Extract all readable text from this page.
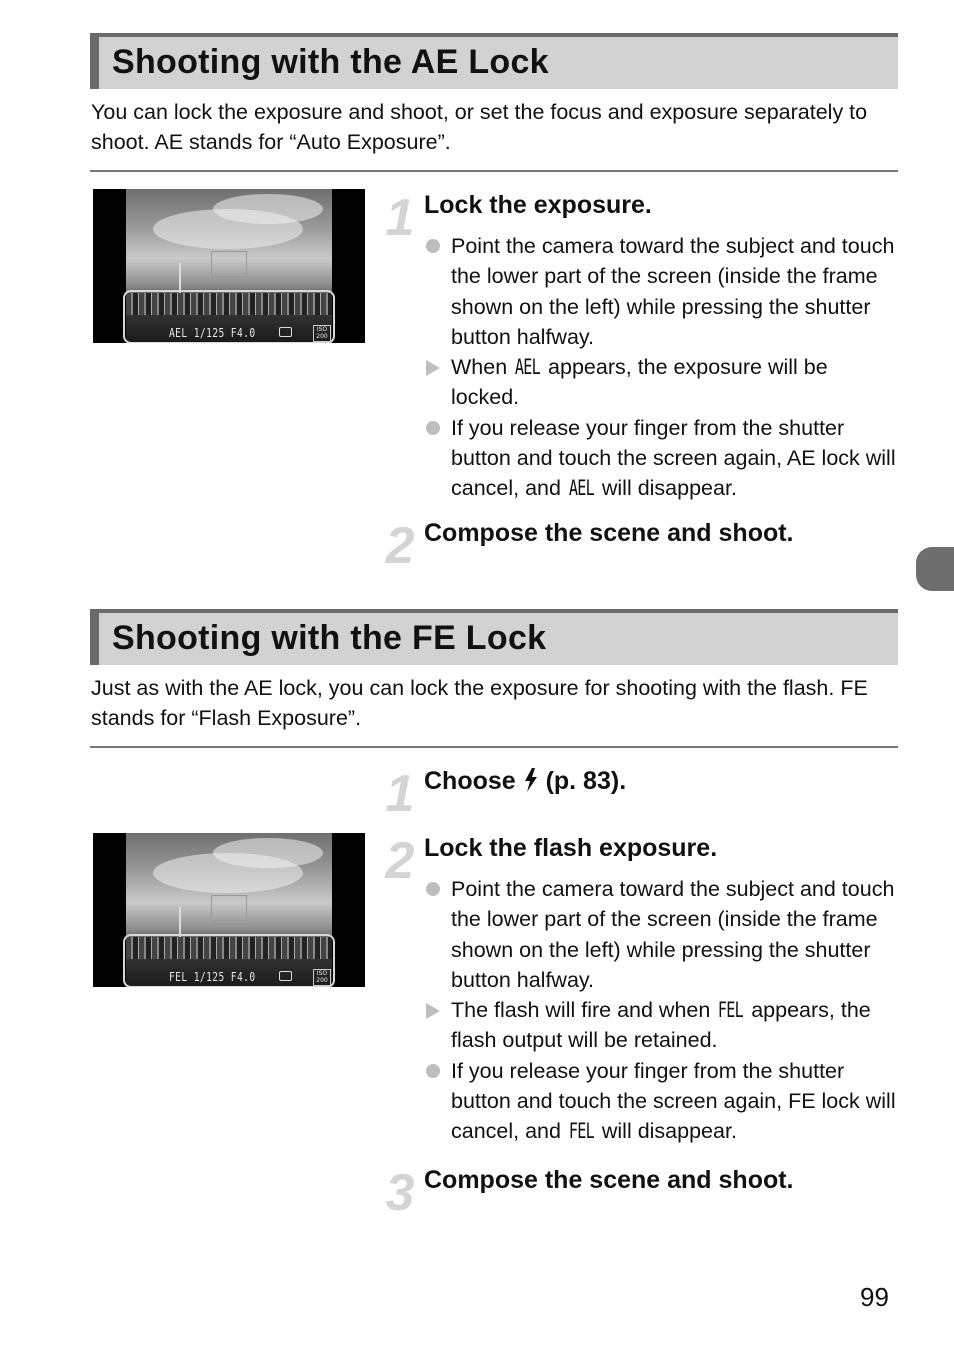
Shooting with the AE Lock
You can lock the exposure and shoot, or set the focus and exposure separately to shoot. AE stands for “Auto Exposure”.
AEL 1/125 F4.0	ISO 200
1 Lock the exposure.
Point the camera toward the subject and touch the lower part of the screen (inside the frame shown on the left) while pressing the shutter button halfway.
When AEL appears, the exposure will be locked.
If you release your finger from the shutter button and touch the screen again, AE lock will cancel, and AEL will disappear.
2 Compose the scene and shoot.
Shooting with the FE Lock
Just as with the AE lock, you can lock the exposure for shooting with the flash. FE stands for “Flash Exposure”.
1 Choose  (p. 83).
FEL 1/125 F4.0	ISO 200
2 Lock the flash exposure.
Point the camera toward the subject and touch the lower part of the screen (inside the frame shown on the left) while pressing the shutter button halfway.
The flash will fire and when FEL appears, the flash output will be retained.
If you release your finger from the shutter button and touch the screen again, FE lock will cancel, and FEL will disappear.
3 Compose the scene and shoot.
99
